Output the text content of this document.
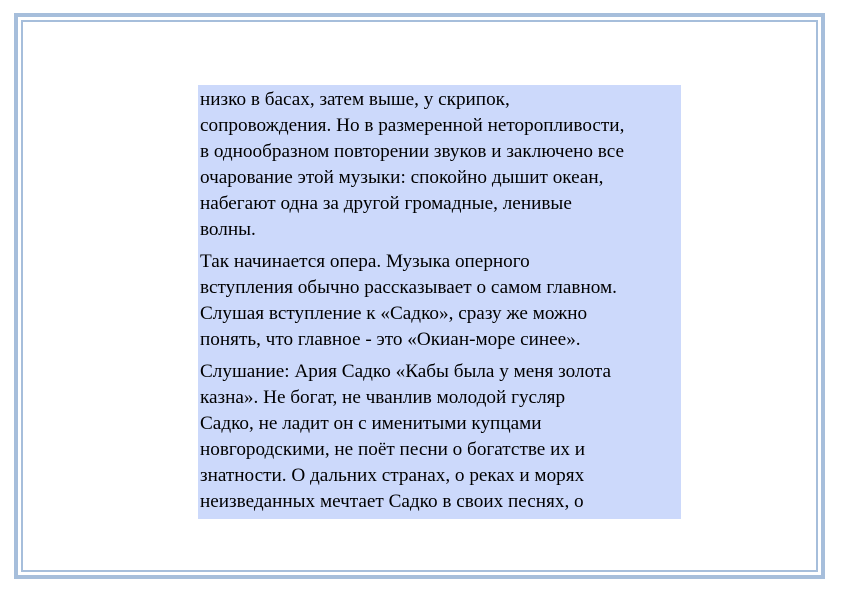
низко в басах, затем выше, у скрипок,
сопровождения. Но в размеренной неторопливости,
в однообразном повторении звуков и заключено все
очарование этой музыки: спокойно дышит океан,
набегают одна за другой громадные, ленивые
волны.

Так начинается опера. Музыка оперного
вступления обычно рассказывает о самом главном.
Слушая вступление к «Садко», сразу же можно
понять, что главное - это «Окиан-море синее».

Слушание: Ария Садко «Кабы была у меня золота
казна». Не богат, не чванлив молодой гусляр
Садко, не ладит он с именитыми купцами
новгородскими, не поёт песни о богатстве их и
знатности. О дальних странах, о реках и морях
неизведанных мечтает Садко в своих песнях, о
